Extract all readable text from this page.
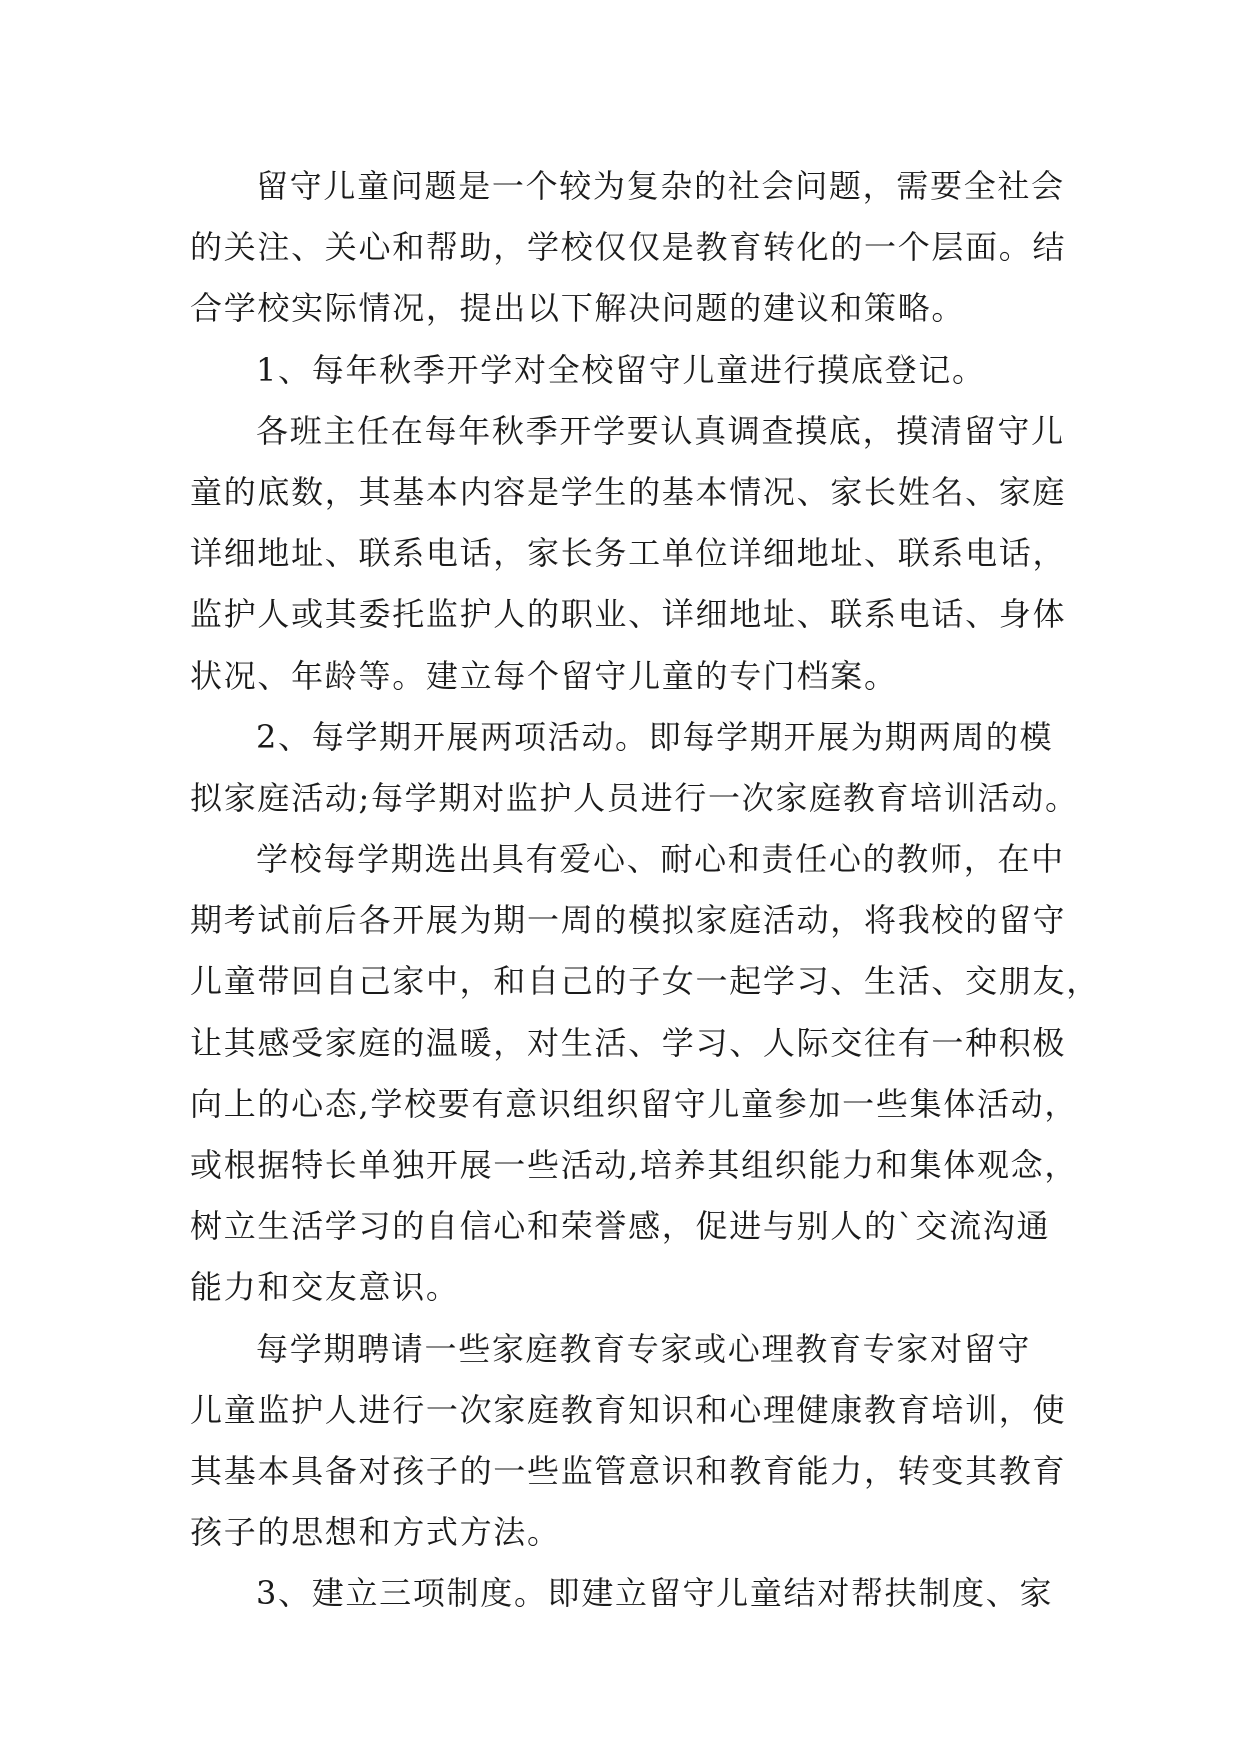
留守儿童问题是一个较为复杂的社会问题，需要全社会
的关注、关心和帮助，学校仅仅是教育转化的一个层面。结
合学校实际情况，提出以下解决问题的建议和策略。
1、每年秋季开学对全校留守儿童进行摸底登记。
各班主任在每年秋季开学要认真调查摸底，摸清留守儿
童的底数，其基本内容是学生的基本情况、家长姓名、家庭
详细地址、联系电话，家长务工单位详细地址、联系电话，
监护人或其委托监护人的职业、详细地址、联系电话、身体
状况、年龄等。建立每个留守儿童的专门档案。
2、每学期开展两项活动。即每学期开展为期两周的模
拟家庭活动;每学期对监护人员进行一次家庭教育培训活动。
学校每学期选出具有爱心、耐心和责任心的教师，在中
期考试前后各开展为期一周的模拟家庭活动，将我校的留守
儿童带回自己家中，和自己的子女一起学习、生活、交朋友，
让其感受家庭的温暖，对生活、学习、人际交往有一种积极
向上的心态,学校要有意识组织留守儿童参加一些集体活动，
或根据特长单独开展一些活动,培养其组织能力和集体观念，
树立生活学习的自信心和荣誉感，促进与别人的`交流沟通
能力和交友意识。
每学期聘请一些家庭教育专家或心理教育专家对留守
儿童监护人进行一次家庭教育知识和心理健康教育培训，使
其基本具备对孩子的一些监管意识和教育能力，转变其教育
孩子的思想和方式方法。
3、建立三项制度。即建立留守儿童结对帮扶制度、家
